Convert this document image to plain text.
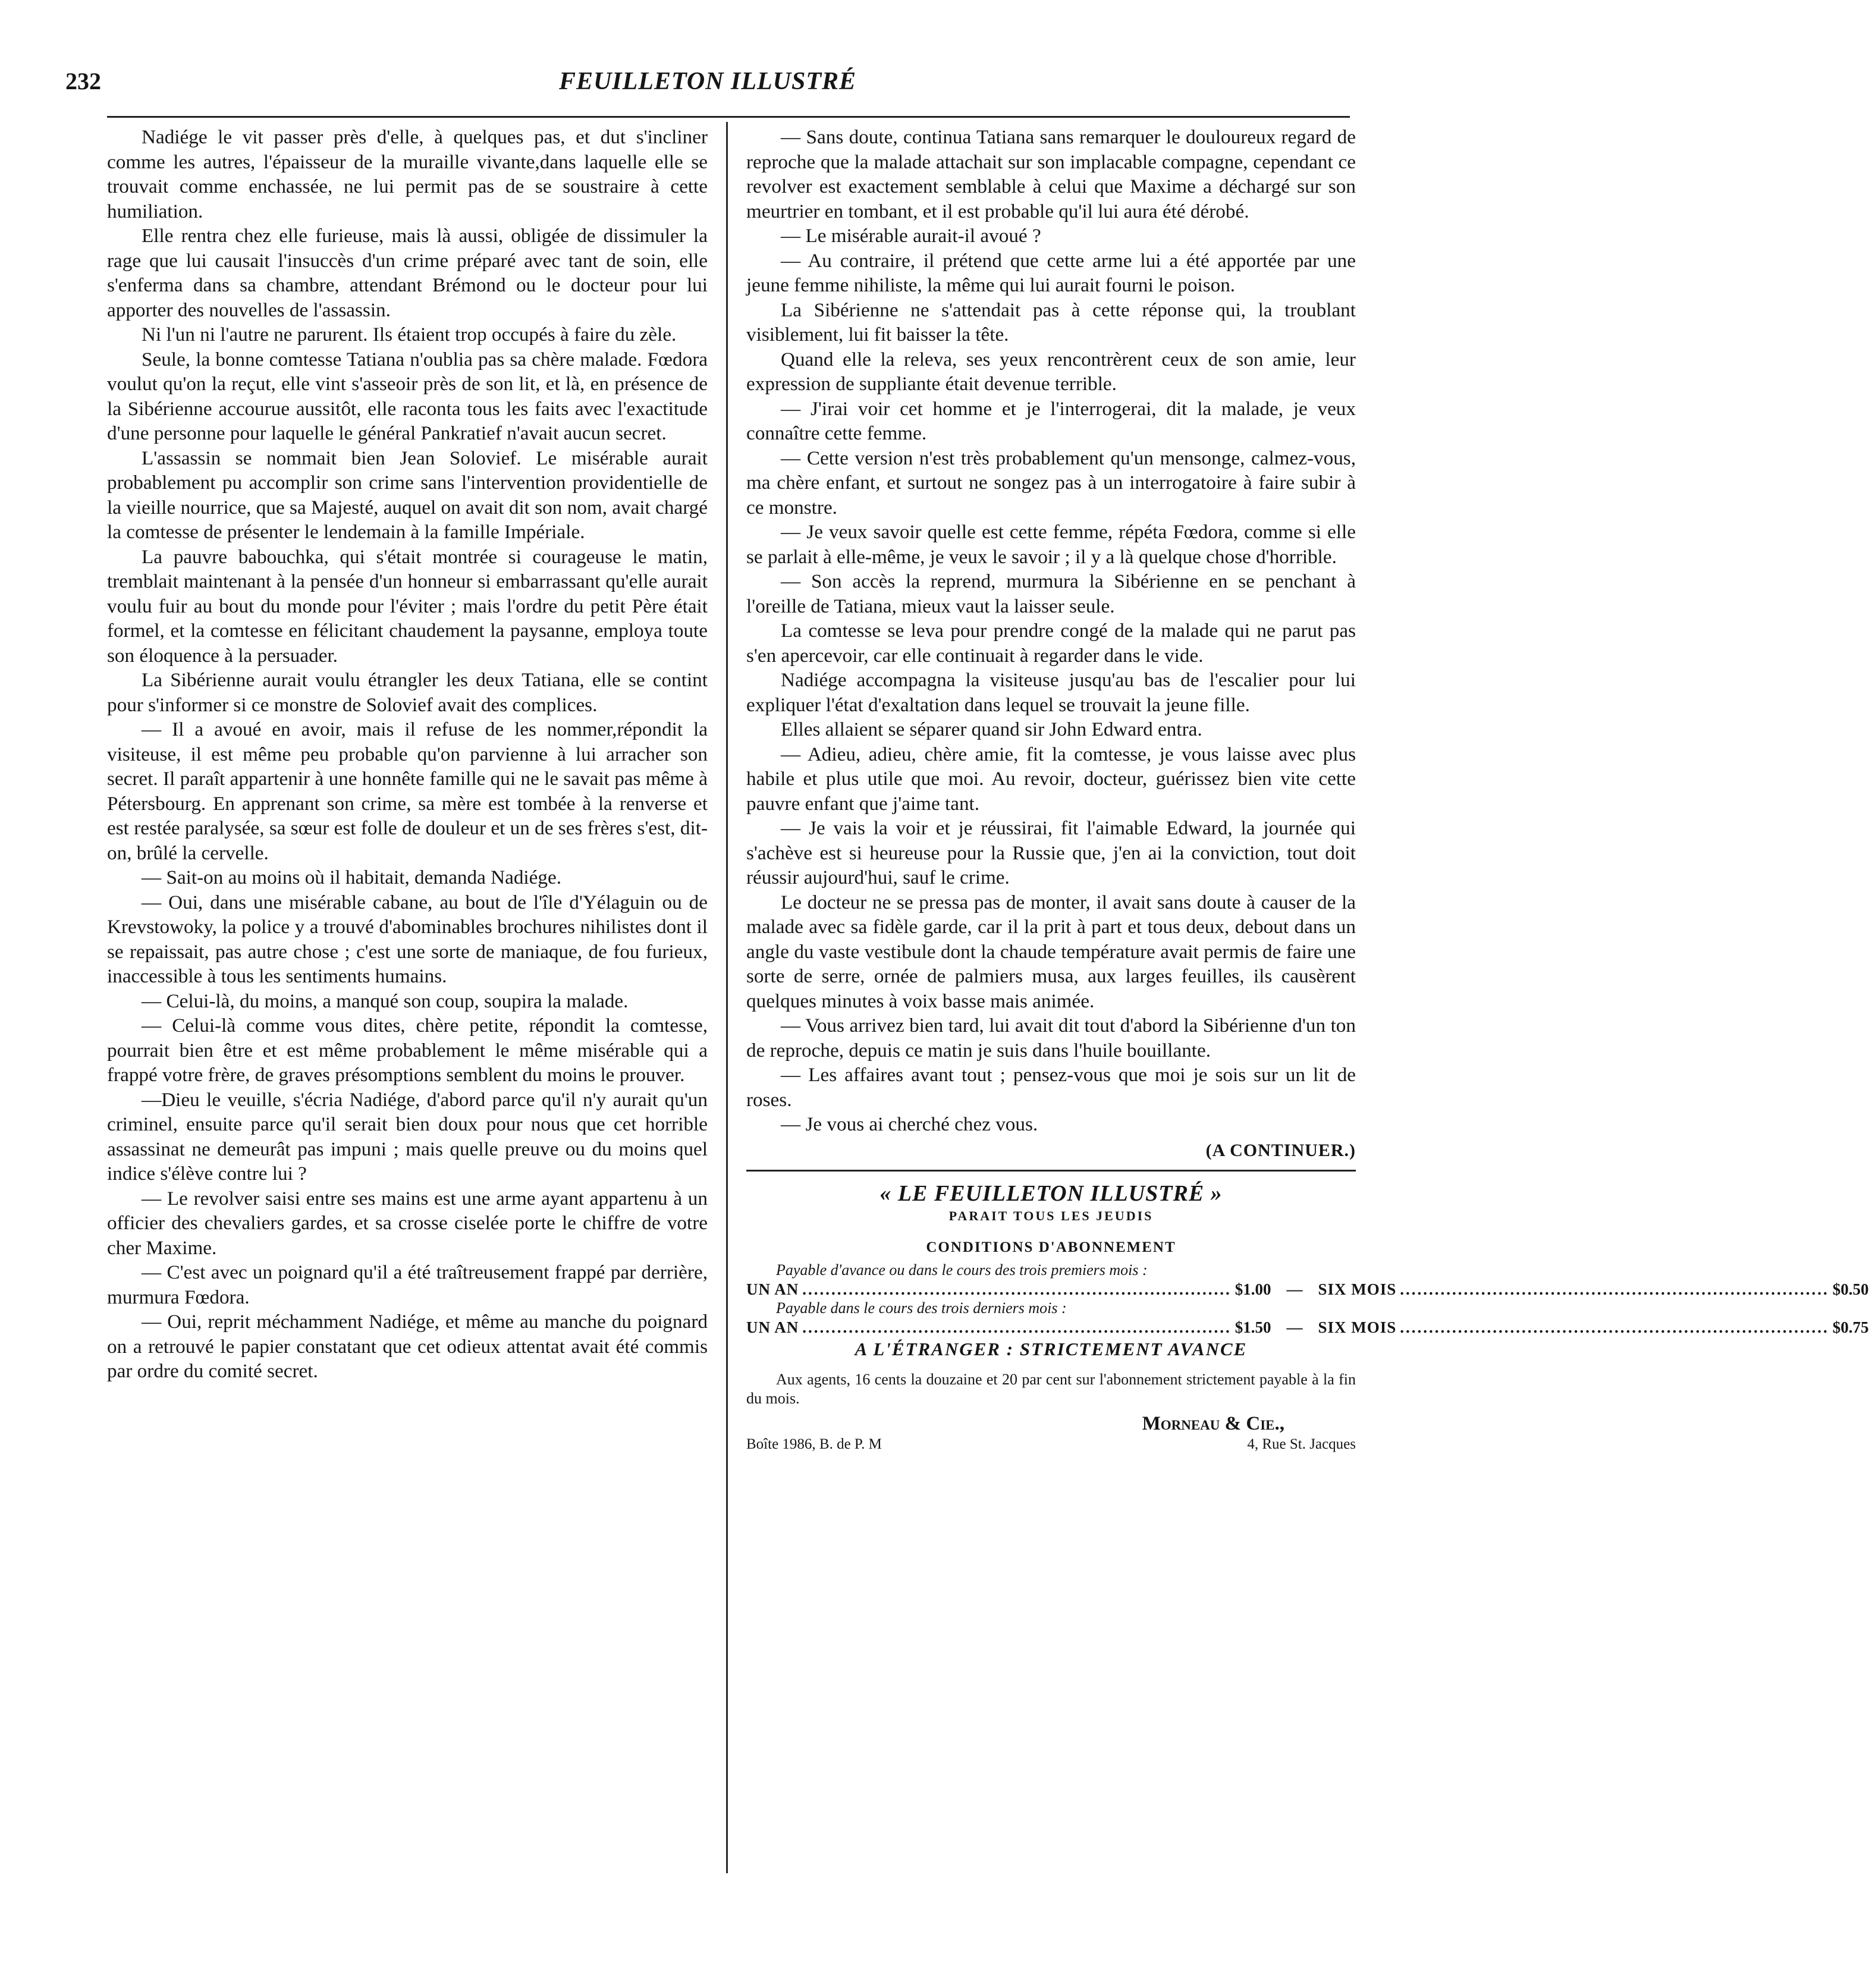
232	FEUILLETON ILLUSTRÉ

Nadiége le vit passer près d'elle, à quelques pas, et dut s'incliner comme les autres, l'épaisseur de la muraille vivante,dans laquelle elle se trouvait comme enchassée, ne lui permit pas de se soustraire à cette humiliation.

Elle rentra chez elle furieuse, mais là aussi, obligée de dissimuler la rage que lui causait l'insuccès d'un crime préparé avec tant de soin, elle s'enferma dans sa chambre, attendant Brémond ou le docteur pour lui apporter des nouvelles de l'assassin.

Ni l'un ni l'autre ne parurent. Ils étaient trop occupés à faire du zèle.

Seule, la bonne comtesse Tatiana n'oublia pas sa chère malade. Fœdora voulut qu'on la reçut, elle vint s'asseoir près de son lit, et là, en présence de la Sibérienne accourue aussitôt, elle raconta tous les faits avec l'exactitude d'une personne pour laquelle le général Pankratief n'avait aucun secret.

L'assassin se nommait bien Jean Solovief. Le misérable aurait probablement pu accomplir son crime sans l'intervention providentielle de la vieille nourrice, que sa Majesté, auquel on avait dit son nom, avait chargé la comtesse de présenter le lendemain à la famille Impériale.

La pauvre babouchka, qui s'était montrée si courageuse le matin, tremblait maintenant à la pensée d'un honneur si embarrassant qu'elle aurait voulu fuir au bout du monde pour l'éviter ; mais l'ordre du petit Père était formel, et la comtesse en félicitant chaudement la paysanne, employa toute son éloquence à la persuader.

La Sibérienne aurait voulu étrangler les deux Tatiana, elle se contint pour s'informer si ce monstre de Solovief avait des complices.

— Il a avoué en avoir, mais il refuse de les nommer,répondit la visiteuse, il est même peu probable qu'on parvienne à lui arracher son secret. Il paraît appartenir à une honnête famille qui ne le savait pas même à Pétersbourg. En apprenant son crime, sa mère est tombée à la renverse et est restée paralysée, sa sœur est folle de douleur et un de ses frères s'est, dit-on, brûlé la cervelle.

— Sait-on au moins où il habitait, demanda Nadiége.

— Oui, dans une misérable cabane, au bout de l'île d'Yélaguin ou de Krevstowoky, la police y a trouvé d'abominables brochures nihilistes dont il se repaissait, pas autre chose ; c'est une sorte de maniaque, de fou furieux, inaccessible à tous les sentiments humains.

— Celui-là, du moins, a manqué son coup, soupira la malade.

— Celui-là comme vous dites, chère petite, répondit la comtesse, pourrait bien être et est même probablement le même misérable qui a frappé votre frère, de graves présomptions semblent du moins le prouver.

—Dieu le veuille, s'écria Nadiége, d'abord parce qu'il n'y aurait qu'un criminel, ensuite parce qu'il serait bien doux pour nous que cet horrible assassinat ne demeurât pas impuni ; mais quelle preuve ou du moins quel indice s'élève contre lui ?

— Le revolver saisi entre ses mains est une arme ayant appartenu à un officier des chevaliers gardes, et sa crosse ciselée porte le chiffre de votre cher Maxime.

— C'est avec un poignard qu'il a été traîtreusement frappé par derrière, murmura Fœdora.

— Oui, reprit méchamment Nadiége, et même au manche du poignard on a retrouvé le papier constatant que cet odieux attentat avait été commis par ordre du comité secret.

— Sans doute, continua Tatiana sans remarquer le douloureux regard de reproche que la malade attachait sur son implacable compagne, cependant ce revolver est exactement semblable à celui que Maxime a déchargé sur son meurtrier en tombant, et il est probable qu'il lui aura été dérobé.

— Le misérable aurait-il avoué ?

— Au contraire, il prétend que cette arme lui a été apportée par une jeune femme nihiliste, la même qui lui aurait fourni le poison.

La Sibérienne ne s'attendait pas à cette réponse qui, la troublant visiblement, lui fit baisser la tête.

Quand elle la releva, ses yeux rencontrèrent ceux de son amie, leur expression de suppliante était devenue terrible.

— J'irai voir cet homme et je l'interrogerai, dit la malade, je veux connaître cette femme.

— Cette version n'est très probablement qu'un mensonge, calmez-vous, ma chère enfant, et surtout ne songez pas à un interrogatoire à faire subir à ce monstre.

— Je veux savoir quelle est cette femme, répéta Fœdora, comme si elle se parlait à elle-même, je veux le savoir ; il y a là quelque chose d'horrible.

— Son accès la reprend, murmura la Sibérienne en se penchant à l'oreille de Tatiana, mieux vaut la laisser seule.

La comtesse se leva pour prendre congé de la malade qui ne parut pas s'en apercevoir, car elle continuait à regarder dans le vide.

Nadiége accompagna la visiteuse jusqu'au bas de l'escalier pour lui expliquer l'état d'exaltation dans lequel se trouvait la jeune fille.

Elles allaient se séparer quand sir John Edward entra.

— Adieu, adieu, chère amie, fit la comtesse, je vous laisse avec plus habile et plus utile que moi. Au revoir, docteur, guérissez bien vite cette pauvre enfant que j'aime tant.

— Je vais la voir et je réussirai, fit l'aimable Edward, la journée qui s'achève est si heureuse pour la Russie que, j'en ai la conviction, tout doit réussir aujourd'hui, sauf le crime.

Le docteur ne se pressa pas de monter, il avait sans doute à causer de la malade avec sa fidèle garde, car il la prit à part et tous deux, debout dans un angle du vaste vestibule dont la chaude température avait permis de faire une sorte de serre, ornée de palmiers musa, aux larges feuilles, ils causèrent quelques minutes à voix basse mais animée.

— Vous arrivez bien tard, lui avait dit tout d'abord la Sibérienne d'un ton de reproche, depuis ce matin je suis dans l'huile bouillante.

— Les affaires avant tout ; pensez-vous que moi je sois sur un lit de roses.

— Je vous ai cherché chez vous.

(A CONTINUER.)
« LE FEUILLETON ILLUSTRÉ »
PARAIT TOUS LES JEUDIS
CONDITIONS D'ABONNEMENT
Payable d'avance ou dans le cours des trois premiers mois :
UN AN .......................................................................... $1.00 — SIX MOIS .......................................................................... $0.50
Payable dans le cours des trois derniers mois :
UN AN .......................................................................... $1.50 — SIX MOIS .......................................................................... $0.75
A L'ÉTRANGER : STRICTEMENT AVANCE
Aux agents, 16 cents la douzaine et 20 par cent sur l'abonnement strictement payable à la fin du mois.
Morneau & Cie.,
Boîte 1986, B. de P. M	4, Rue St. Jacques
